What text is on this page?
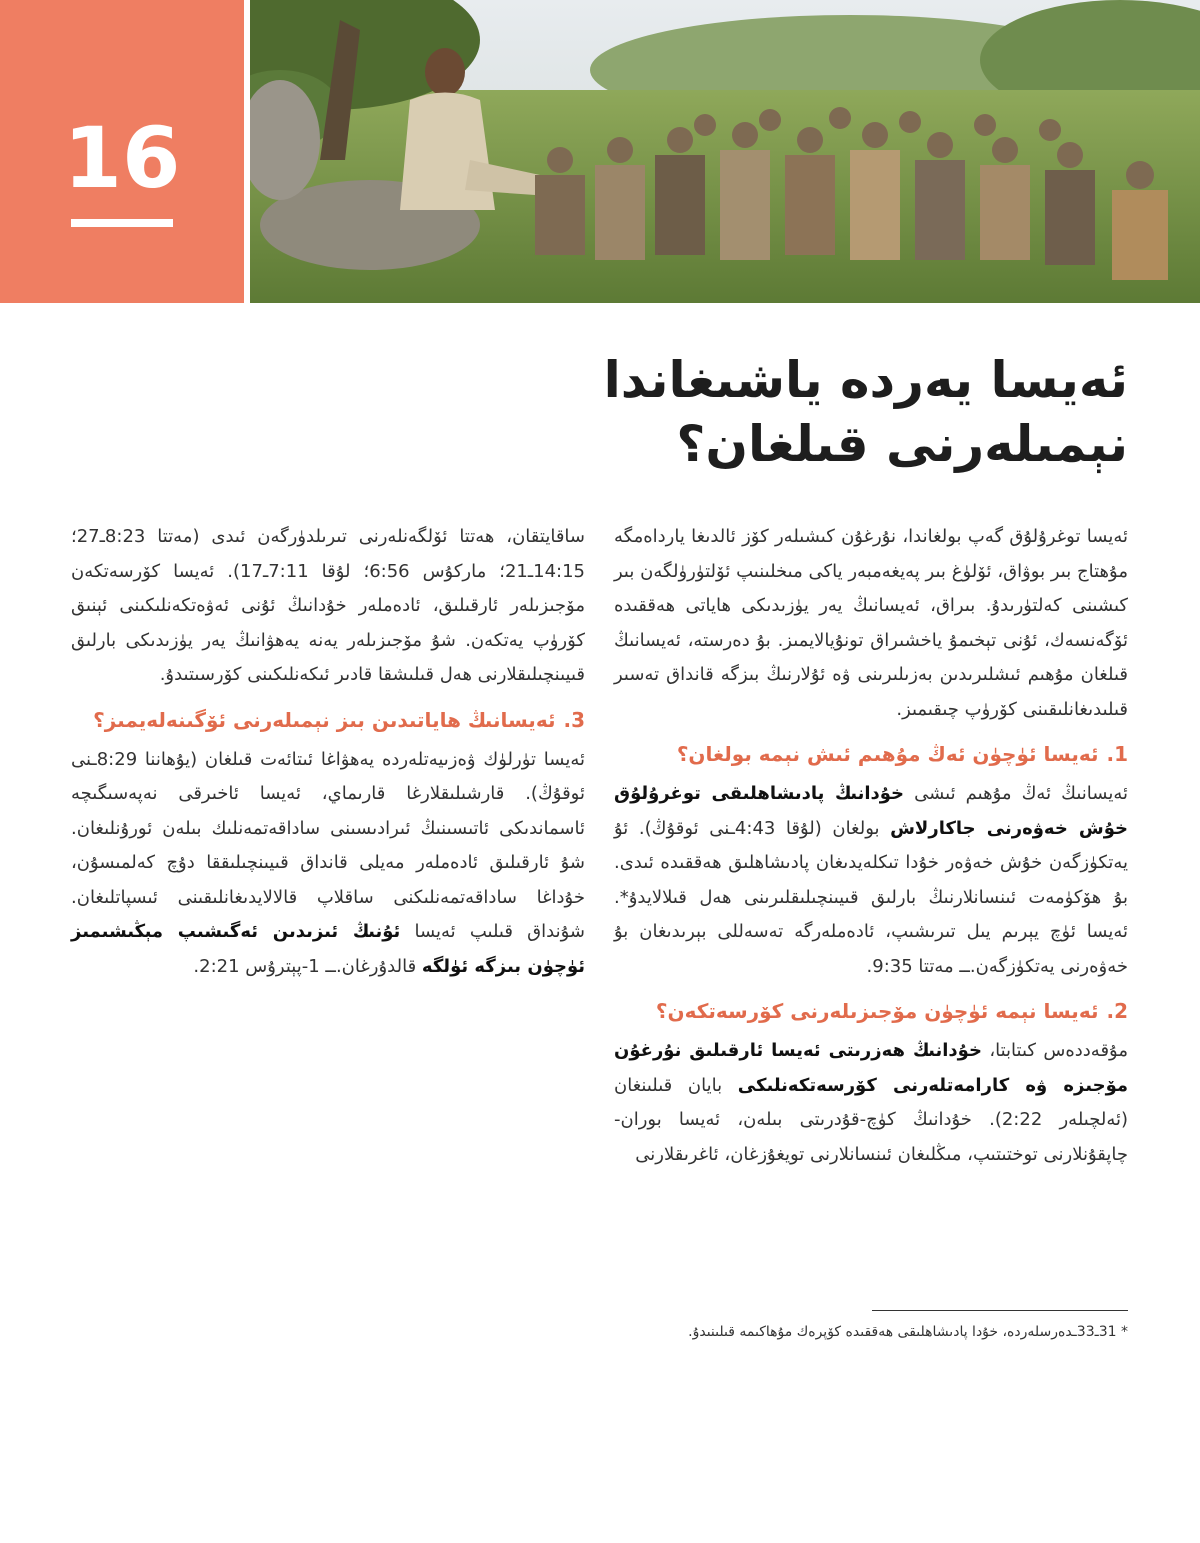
16
ئەيسا يەردە ياشىغاندا نېمىلەرنى قىلغان؟

ئەيسا توغرۇلۇق گەپ بولغاندا، نۇرغۇن كىشىلەر كۆز ئالدىغا يارداەمگە مۇھتاج بىر بوۋاق، ئۆلۈغ بىر پەيغەمبەر ياكى مىخلىنىپ ئۆلتۈرۈلگەن بىر كىشىنى كەلتۈرىدۇ. بىراق، ئەيسانىڭ يەر يۈزىدىكى ھاياتى ھەققىدە ئۆگەنسەك، ئۇنى تېخىمۇ ياخشىراق تونۇيالايمىز. بۇ دەرستە، ئەيسانىڭ قىلغان مۇھىم ئىشلىرىدىن بەزىلىرىنى ۋە ئۇلارنىڭ بىزگە قانداق تەسىر قىلىدىغانلىقىنى كۆرۈپ چىقىمىز.

1.
ئەيسا ئۈچۈن ئەڭ مۇھىم ئىش نېمە بولغان؟

ئەيسانىڭ ئەڭ مۇھىم ئىشى خۇدانىڭ پادىشاھلىقى توغرۇلۇق خۇش خەۋەرنى جاكارلاش بولغان (لۇقا 4:43ـنى ئوقۇڭ). ئۇ يەتكۈزگەن خۇش خەۋەر خۇدا تىكلەيدىغان پادىشاھلىق ھەققىدە ئىدى. بۇ ھۆكۈمەت ئىنسانلارنىڭ بارلىق قىيىنچىلىقلىرىنى ھەل قىلالايدۇ*. ئەيسا ئۈچ يېرىم يىل تىرىشىپ، ئادەملەرگە تەسەللى بېرىدىغان بۇ خەۋەرنى يەتكۈزگەن.ــ مەتتا 9:35.

2.
ئەيسا نېمە ئۈچۈن مۆجىزىلەرنى كۆرسەتكەن؟

مۇقەددەس كىتابتا، خۇدانىڭ ھەزرىتى ئەيسا ئارقىلىق نۇرغۇن مۆجىزە ۋە كارامەتلەرنى كۆرسەتكەنلىكى بايان قىلىنغان (ئەلچىلەر 2:22). خۇدانىڭ كۈچ-قۇدرىتى بىلەن، ئەيسا بوران-چاپقۇنلارنى توختىتىپ، مىڭلىغان ئىنسانلارنى تويغۇزغان، ئاغرىقلارنى

ساقايتقان، ھەتتا ئۆلگەنلەرنى تىرىلدۈرگەن ئىدى (مەتتا 8:23ـ27؛ 14:15ـ21؛ ماركۇس 6:56؛ لۇقا 7:11ـ17). ئەيسا كۆرسەتكەن مۆجىزىلەر ئارقىلىق، ئادەملەر خۇدانىڭ ئۇنى ئەۋەتكەنلىكىنى ئېنىق كۆرۈپ يەتكەن. شۇ مۆجىزىلەر يەنە يەھۋانىڭ يەر يۈزىدىكى بارلىق قىيىنچىلىقلارنى ھەل قىلىشقا قادىر ئىكەنلىكىنى كۆرسىتىدۇ.

3.
ئەيسانىڭ ھاياتىدىن بىز نېمىلەرنى ئۆگىنەلەيمىز؟

ئەيسا تۈرلۈك ۋەزىيەتلەردە يەھۋاغا ئىتائەت قىلغان (يۇھاننا 8:29ـنى ئوقۇڭ). قارشىلىقلارغا قارىماي، ئەيسا ئاخىرقى نەپەسىگىچە ئاسماندىكى ئاتىسىنىڭ ئىرادىسىنى ساداقەتمەنلىك بىلەن ئورۇنلىغان. شۇ ئارقىلىق ئادەملەر مەيلى قانداق قىيىنچىلىققا دۇچ كەلمىسۇن، خۇداغا ساداقەتمەنلىكنى ساقلاپ قالالايدىغانلىقىنى ئىسپاتلىغان. شۇنداق قىلىپ ئەيسا ئۇنىڭ ئىزىدىن ئەگىشىپ مېڭىشىمىز ئۈچۈن بىزگە ئۈلگە قالدۇرغان.ــ 1-پېترۇس 2:21.

* 31ـ33ـدەرسلەردە، خۇدا پادىشاھلىقى ھەققىدە كۆپرەك مۇھاكىمە قىلىنىدۇ.
